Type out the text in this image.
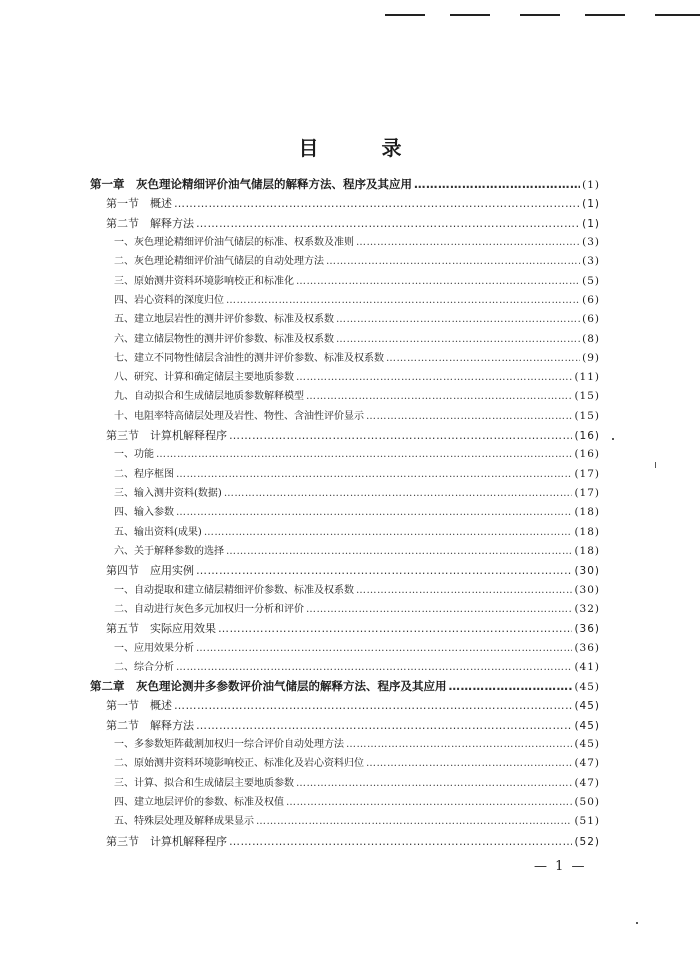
目 录
第一章　灰色理论精细评价油气储层的解释方法、程序及其应用 …………………………………………………………………………………………………………………………………………………………………………………………………………	(1)
第一节　概述 …………………………………………………………………………………………………………………………………………………………………………………………………………	(1)
第二节　解释方法 …………………………………………………………………………………………………………………………………………………………………………………………………………	(1)
一、灰色理论精细评价油气储层的标准、权系数及准则 …………………………………………………………………………………………………………………………………………………………………………………………………………	(3)
二、灰色理论精细评价油气储层的自动处理方法 …………………………………………………………………………………………………………………………………………………………………………………………………………	(3)
三、原始测井资料环境影响校正和标准化 …………………………………………………………………………………………………………………………………………………………………………………………………………	(5)
四、岩心资料的深度归位 …………………………………………………………………………………………………………………………………………………………………………………………………………	(6)
五、建立地层岩性的测井评价参数、标准及权系数 …………………………………………………………………………………………………………………………………………………………………………………………………………	(6)
六、建立储层物性的测井评价参数、标准及权系数 …………………………………………………………………………………………………………………………………………………………………………………………………………	(8)
七、建立不同物性储层含油性的测井评价参数、标准及权系数 …………………………………………………………………………………………………………………………………………………………………………………………………………	(9)
八、研究、计算和确定储层主要地质参数 …………………………………………………………………………………………………………………………………………………………………………………………………………	(11)
九、自动拟合和生成储层地质参数解释模型 …………………………………………………………………………………………………………………………………………………………………………………………………………	(15)
十、电阻率特高储层处理及岩性、物性、含油性评价显示 …………………………………………………………………………………………………………………………………………………………………………………………………………	(15)
第三节　计算机解释程序 …………………………………………………………………………………………………………………………………………………………………………………………………………	(16)
一、功能 …………………………………………………………………………………………………………………………………………………………………………………………………………	(16)
二、程序框图 …………………………………………………………………………………………………………………………………………………………………………………………………………	(17)
三、输入测井资料(数据) …………………………………………………………………………………………………………………………………………………………………………………………………………	(17)
四、输入参数 …………………………………………………………………………………………………………………………………………………………………………………………………………	(18)
五、输出资料(成果) …………………………………………………………………………………………………………………………………………………………………………………………………………	(18)
六、关于解释参数的选择 …………………………………………………………………………………………………………………………………………………………………………………………………………	(18)
第四节　应用实例 …………………………………………………………………………………………………………………………………………………………………………………………………………	(30)
一、自动提取和建立储层精细评价参数、标准及权系数 …………………………………………………………………………………………………………………………………………………………………………………………………………	(30)
二、自动进行灰色多元加权归一分析和评价 …………………………………………………………………………………………………………………………………………………………………………………………………………	(32)
第五节　实际应用效果 …………………………………………………………………………………………………………………………………………………………………………………………………………	(36)
一、应用效果分析 …………………………………………………………………………………………………………………………………………………………………………………………………………	(36)
二、综合分析 …………………………………………………………………………………………………………………………………………………………………………………………………………	(41)
第二章　灰色理论测井多参数评价油气储层的解释方法、程序及其应用 …………………………………………………………………………………………………………………………………………………………………………………………………………	(45)
第一节　概述 …………………………………………………………………………………………………………………………………………………………………………………………………………	(45)
第二节　解释方法 …………………………………………………………………………………………………………………………………………………………………………………………………………	(45)
一、多参数矩阵截割加权归一综合评价自动处理方法 …………………………………………………………………………………………………………………………………………………………………………………………………………	(45)
二、原始测井资料环境影响校正、标准化及岩心资料归位 …………………………………………………………………………………………………………………………………………………………………………………………………………	(47)
三、计算、拟合和生成储层主要地质参数 …………………………………………………………………………………………………………………………………………………………………………………………………………	(47)
四、建立地层评价的参数、标准及权值 …………………………………………………………………………………………………………………………………………………………………………………………………………	(50)
五、特殊层处理及解释成果显示 …………………………………………………………………………………………………………………………………………………………………………………………………………	(51)
第三节　计算机解释程序 …………………………………………………………………………………………………………………………………………………………………………………………………………	(52)
— 1 —
